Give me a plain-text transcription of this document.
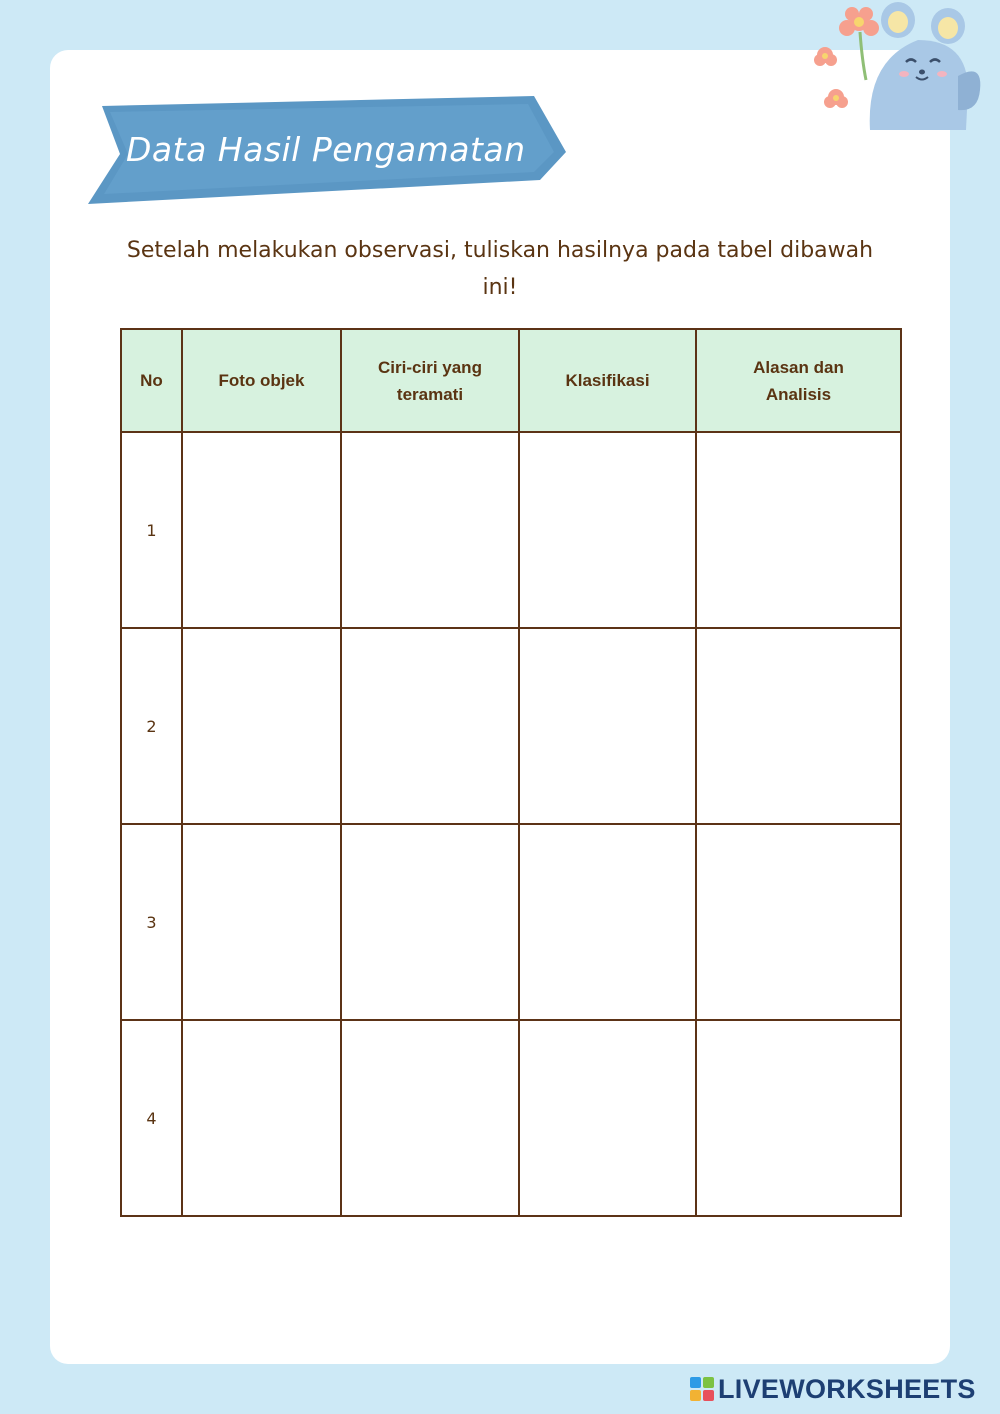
Data Hasil Pengamatan
Setelah melakukan observasi, tuliskan hasilnya pada tabel dibawah ini!
No	Foto objek	Ciri-ciri yang teramati	Klasifikasi	Alasan dan Analisis
1				
2				
3				
4				
LIVEWORKSHEETS
